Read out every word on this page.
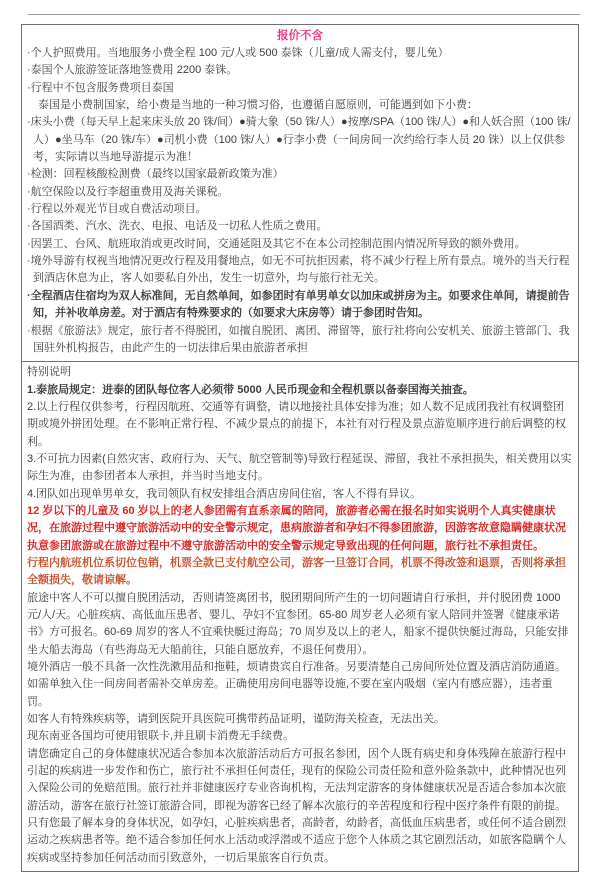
报价不含

·个人护照费用。当地服务小费全程 100 元/人或 500 泰铢（儿童/成人需支付，婴儿免）

·泰国个人旅游签证落地签费用 2200 泰铢。

·行程中不包含服务费项目泰国

泰国是小费制国家，给小费是当地的一种习惯习俗，也遵循自愿原则，可能遇到如下小费：

·床头小费（每天早上起来床头放 20 铢/间）●骑大象（50 铢/人）●按摩/SPA（100 铢/人）●和人妖合照（100 铢/人）●坐马车（20 铢/车）●司机小费（100 铢/人）●行李小费（一间房间一次约给行李人员 20 铢）以上仅供参考，实际请以当地导游提示为准！

·检测：回程核酸检测费（最终以国家最新政策为准）

·航空保险以及行李超重费用及海关课税。

·行程以外观光节目或自费活动项目。

·各国酒类、汽水、洗衣、电报、电话及一切私人性质之费用。

·因罢工、台风、航班取消或更改时间，交通延阻及其它不在本公司控制范围内情况所导致的额外费用。

·境外导游有权视当地情况更改行程及用餐地点，如无不可抗拒因素，将不减少行程上所有景点。境外的当天行程到酒店休息为止，客人如要私自外出，发生一切意外，均与旅行社无关。

·全程酒店住宿均为双人标准间，无自然单间，如参团时有单男单女以加床或拼房为主。如要求住单间，请提前告知，并补收单房差。对于酒店有特殊要求的（如要求大床房等）请于参团时告知。

·根据《旅游法》规定，旅行者不得脱团，如擅自脱团、离团、滞留等，旅行社将向公安机关、旅游主管部门、我国驻外机构报告，由此产生的一切法律后果由旅游者承担

特别说明

1.泰旅局规定：进泰的团队每位客人必须带 5000 人民币现金和全程机票以备泰国海关抽查。

2.以上行程仅供参考，行程因航班、交通等有调整，请以地接社具体安排为准；如人数不足成团我社有权调整团期或境外拼团处理。在不影响正常行程、不减少景点的前提下，本社有对行程及景点游览顺序进行前后调整的权利。

3.不可抗力因素(自然灾害、政府行为、天气、航空管制等)导致行程延误、滞留，我社不承担损失，相关费用以实际生为准，由参团者本人承担，并当时当地支付。

4.团队如出现单男单女，我司领队有权安排组合酒店房间住宿，客人不得有异议。

12 岁以下的儿童及 60 岁以上的老人参团需有直系亲属的陪同，旅游者必需在报名时如实说明个人真实健康状况，在旅游过程中遵守旅游活动中的安全警示规定，患病旅游者和孕妇不得参团旅游，因游客故意隐瞒健康状况执意参团旅游或在旅游过程中不遵守旅游活动中的安全警示规定导致出现的任何问题，旅行社不承担责任。

行程内航班机位系切位包销，机票全款已支付航空公司，游客一旦签订合同，机票不得改签和退票，否则将承担全额损失，敬请谅解。

旅途中客人不可以擅自脱团活动，否则请签离团书，脱团期间所产生的一切问题请自行承担，并付脱团费 1000 元/人/天。心脏疾病、高低血压患者、婴儿、孕妇不宜参团。65-80 周岁老人必须有家人陪同并签署《健康承诺书》方可报名。60-69 周岁的客人不宜乘快艇过海岛；70 周岁及以上的老人，船家不提供快艇过海岛，只能安排坐大船去海岛（有些海岛无大船前往，只能自愿放弃，不退任何费用）。

境外酒店一般不具备一次性洗漱用品和拖鞋，烦请贵宾自行准备。另要清楚自己房间所处位置及酒店消防通道。如需单独入住一间房间者需补交单房差。正确使用房间电器等设施,不要在室内吸烟（室内有感应器），违者重罚。

如客人有特殊疾病等，请到医院开具医院可携带药品证明，谨防海关检查，无法出关。

现东南亚各国均可使用银联卡,并且刷卡消费无手续费。

请您确定自己的身体健康状况适合参加本次旅游活动后方可报名参团，因个人既有病史和身体残障在旅游行程中引起的疾病进一步发作和伤亡，旅行社不承担任何责任，现有的保险公司责任险和意外险条款中，此种情况也列入保险公司的免赔范围。旅行社并非健康医疗专业咨询机构，无法判定游客的身体健康状况是否适合参加本次旅游活动，游客在旅行社签订旅游合同，即视为游客已经了解本次旅行的辛苦程度和行程中医疗条件有限的前提。只有您最了解本身的身体状况，如孕妇，心脏疾病患者，高龄者，幼龄者，高低血压病患者，或任何不适合剧烈运动之疾病患者等。绝不适合参加任何水上活动或浮潜或不适应于您个人体质之其它剧烈活动，如旅客隐瞒个人疾病或坚持参加任何活动而引致意外，一切后果旅客自行负责。
